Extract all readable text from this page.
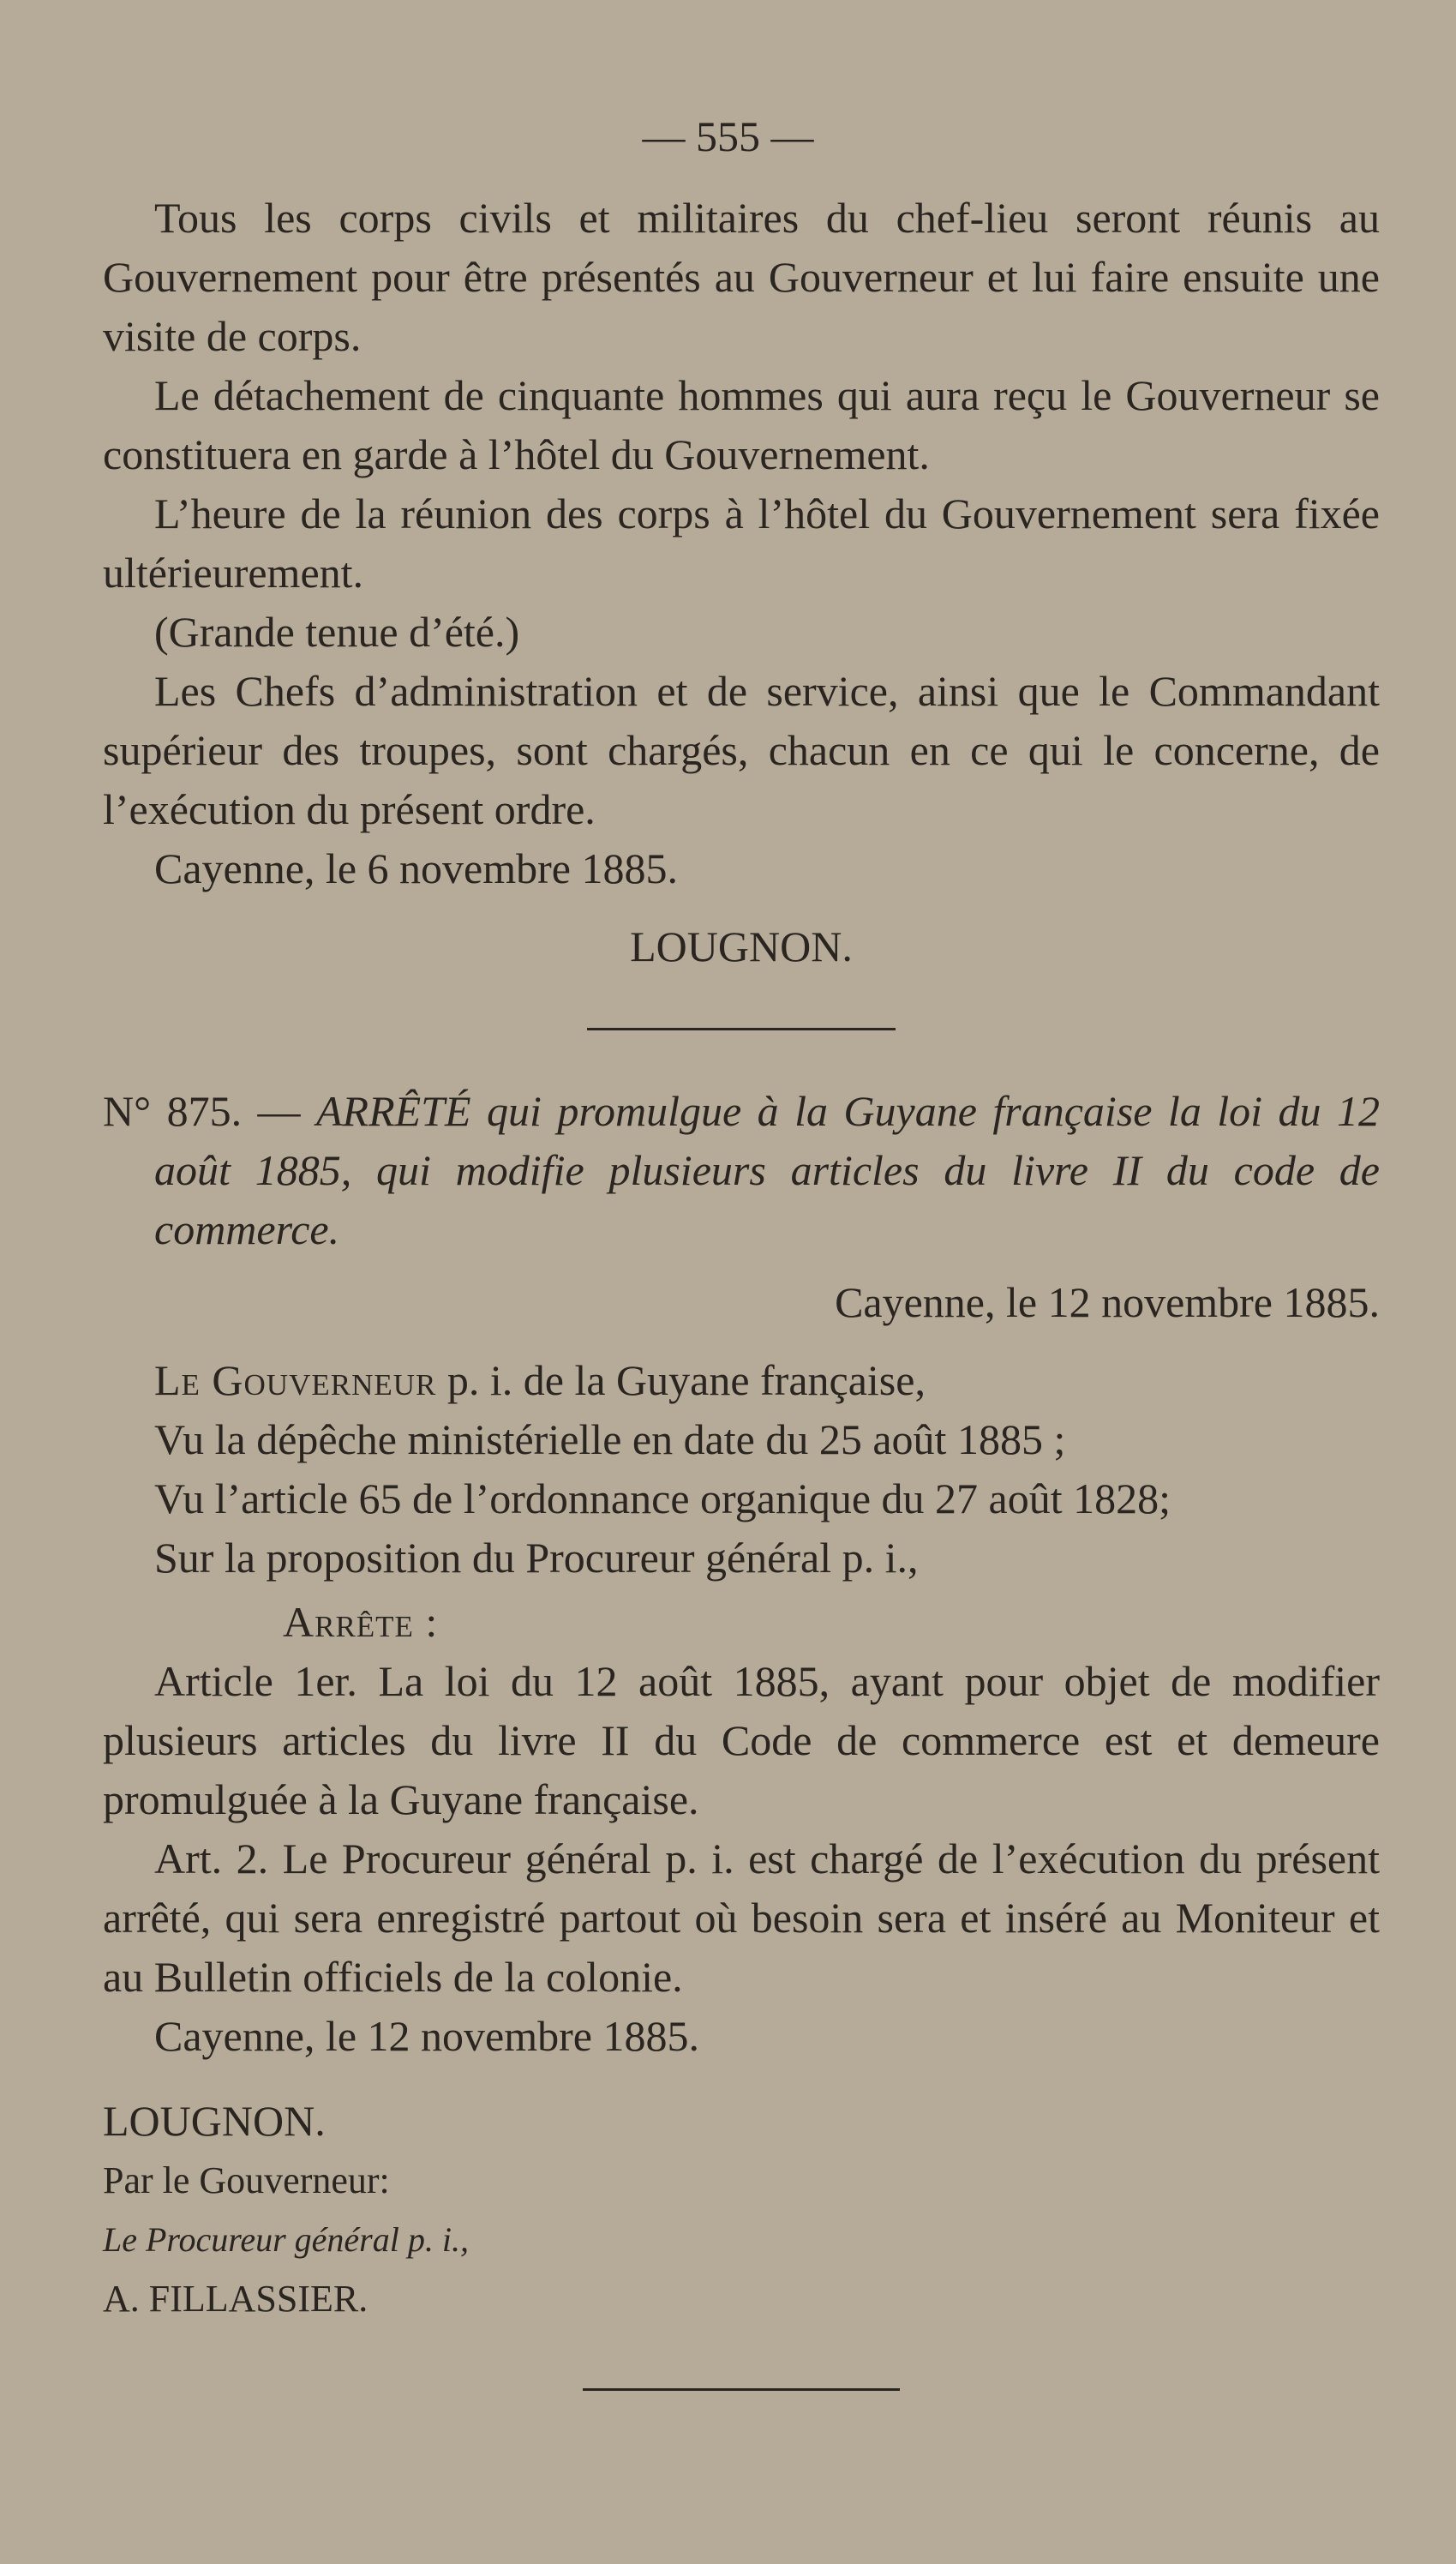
— 555 —

Tous les corps civils et militaires du chef-lieu seront réunis au Gouvernement pour être présentés au Gouverneur et lui faire ensuite une visite de corps.

Le détachement de cinquante hommes qui aura reçu le Gouverneur se constituera en garde à l’hôtel du Gouvernement.

L’heure de la réunion des corps à l’hôtel du Gouvernement sera fixée ultérieurement.

(Grande tenue d’été.)

Les Chefs d’administration et de service, ainsi que le Commandant supérieur des troupes, sont chargés, chacun en ce qui le concerne, de l’exécution du présent ordre.

Cayenne, le 6 novembre 1885.

LOUGNON.

N° 875. — ARRÊTÉ qui promulgue à la Guyane française la loi du 12 août 1885, qui modifie plusieurs articles du livre II du code de commerce.

Cayenne, le 12 novembre 1885.

Le Gouverneur p. i. de la Guyane française,

Vu la dépêche ministérielle en date du 25 août 1885 ;

Vu l’article 65 de l’ordonnance organique du 27 août 1828;

Sur la proposition du Procureur général p. i.,

Arrête :

Article 1er. La loi du 12 août 1885, ayant pour objet de modifier plusieurs articles du livre II du Code de commerce est et demeure promulguée à la Guyane française.

Art. 2. Le Procureur général p. i. est chargé de l’exécution du présent arrêté, qui sera enregistré partout où besoin sera et inséré au Moniteur et au Bulletin officiels de la colonie.

Cayenne, le 12 novembre 1885.

LOUGNON.

Par le Gouverneur:

Le Procureur général p. i.,

A. FILLASSIER.
